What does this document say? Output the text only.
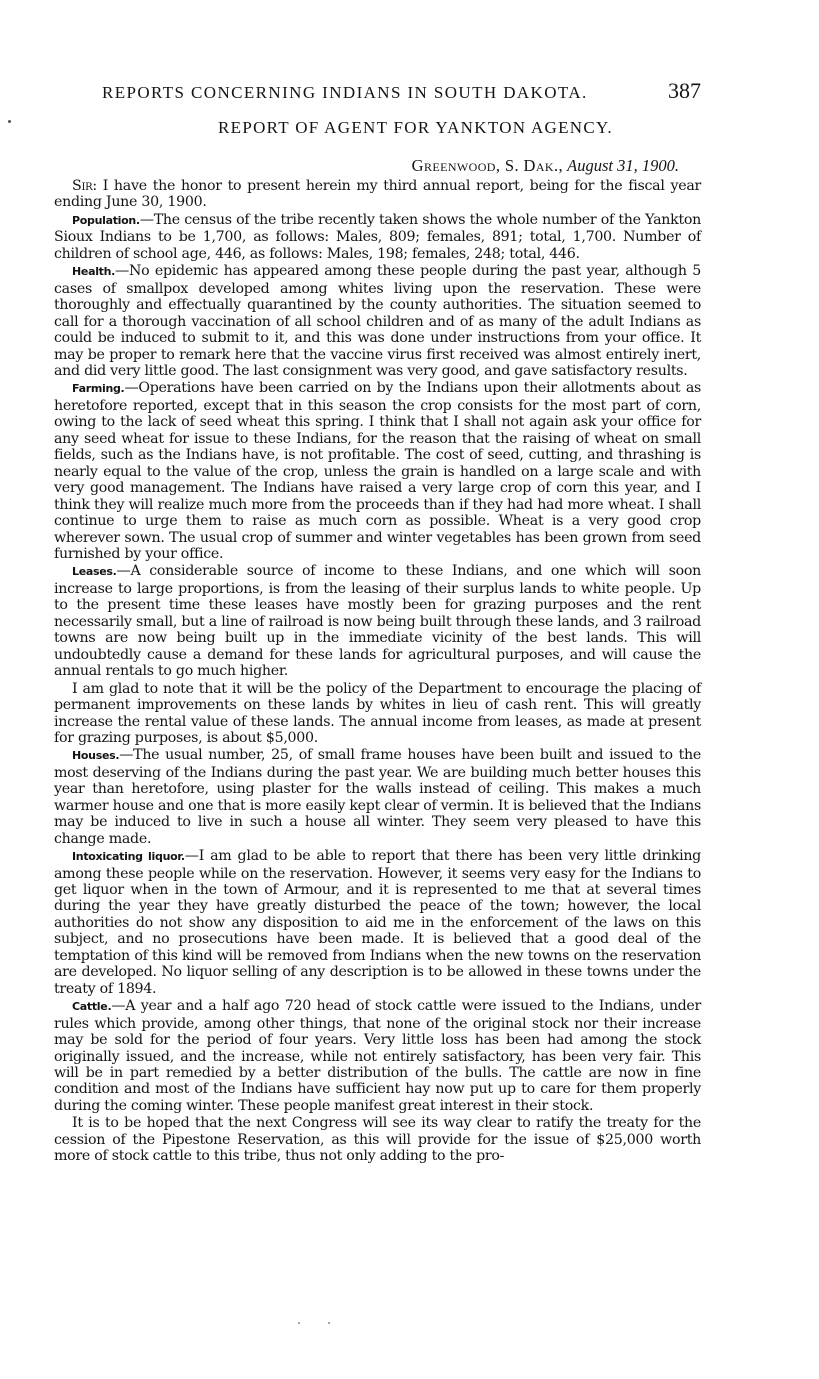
REPORTS CONCERNING INDIANS IN SOUTH DAKOTA.	387
REPORT OF AGENT FOR YANKTON AGENCY.
Greenwood, S. Dak., August 31, 1900.

Sir: I have the honor to present herein my third annual report, being for the fiscal year ending June 30, 1900.

Population.—The census of the tribe recently taken shows the whole number of the Yankton Sioux Indians to be 1,700, as follows: Males, 809; females, 891; total, 1,700. Number of children of school age, 446, as follows: Males, 198; females, 248; total, 446.

Health.—No epidemic has appeared among these people during the past year, although 5 cases of smallpox developed among whites living upon the reservation. These were thoroughly and effectually quarantined by the county authorities. The situation seemed to call for a thorough vaccination of all school children and of as many of the adult Indians as could be induced to submit to it, and this was done under instructions from your office. It may be proper to remark here that the vaccine virus first received was almost entirely inert, and did very little good. The last consignment was very good, and gave satisfactory results.

Farming.—Operations have been carried on by the Indians upon their allotments about as heretofore reported, except that in this season the crop consists for the most part of corn, owing to the lack of seed wheat this spring. I think that I shall not again ask your office for any seed wheat for issue to these Indians, for the reason that the raising of wheat on small fields, such as the Indians have, is not profitable. The cost of seed, cutting, and thrashing is nearly equal to the value of the crop, unless the grain is handled on a large scale and with very good management. The Indians have raised a very large crop of corn this year, and I think they will realize much more from the proceeds than if they had had more wheat. I shall continue to urge them to raise as much corn as possible. Wheat is a very good crop wherever sown. The usual crop of summer and winter vegetables has been grown from seed furnished by your office.

Leases.—A considerable source of income to these Indians, and one which will soon increase to large proportions, is from the leasing of their surplus lands to white people. Up to the present time these leases have mostly been for grazing purposes and the rent necessarily small, but a line of railroad is now being built through these lands, and 3 railroad towns are now being built up in the immediate vicinity of the best lands. This will undoubtedly cause a demand for these lands for agricultural purposes, and will cause the annual rentals to go much higher.

I am glad to note that it will be the policy of the Department to encourage the placing of permanent improvements on these lands by whites in lieu of cash rent. This will greatly increase the rental value of these lands. The annual income from leases, as made at present for grazing purposes, is about $5,000.

Houses.—The usual number, 25, of small frame houses have been built and issued to the most deserving of the Indians during the past year. We are building much better houses this year than heretofore, using plaster for the walls instead of ceiling. This makes a much warmer house and one that is more easily kept clear of vermin. It is believed that the Indians may be induced to live in such a house all winter. They seem very pleased to have this change made.

Intoxicating liquor.—I am glad to be able to report that there has been very little drinking among these people while on the reservation. However, it seems very easy for the Indians to get liquor when in the town of Armour, and it is represented to me that at several times during the year they have greatly disturbed the peace of the town; however, the local authorities do not show any disposition to aid me in the enforcement of the laws on this subject, and no prosecutions have been made. It is believed that a good deal of the temptation of this kind will be removed from Indians when the new towns on the reservation are developed. No liquor selling of any description is to be allowed in these towns under the treaty of 1894.

Cattle.—A year and a half ago 720 head of stock cattle were issued to the Indians, under rules which provide, among other things, that none of the original stock nor their increase may be sold for the period of four years. Very little loss has been had among the stock originally issued, and the increase, while not entirely satisfactory, has been very fair. This will be in part remedied by a better distribution of the bulls. The cattle are now in fine condition and most of the Indians have sufficient hay now put up to care for them properly during the coming winter. These people manifest great interest in their stock.

It is to be hoped that the next Congress will see its way clear to ratify the treaty for the cession of the Pipestone Reservation, as this will provide for the issue of $25,000 worth more of stock cattle to this tribe, thus not only adding to the pro-
